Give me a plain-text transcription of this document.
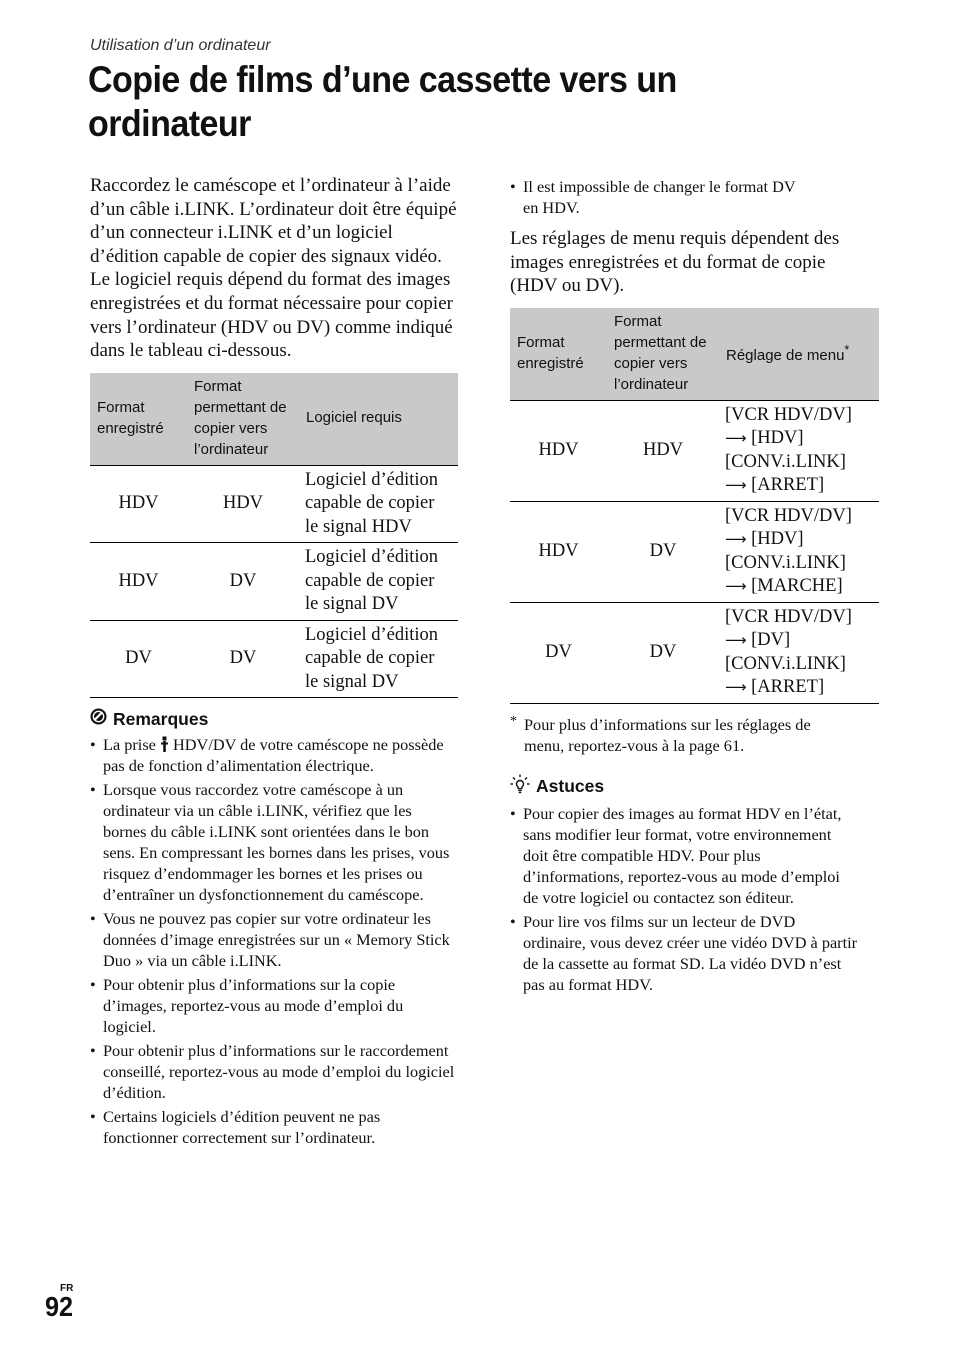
Utilisation d’un ordinateur
Copie de films d’une cassette vers un ordinateur

Raccordez le caméscope et l’ordinateur à l’aide d’un câble i.LINK. L’ordinateur doit être équipé d’un connecteur i.LINK et d’un logiciel d’édition capable de copier des signaux vidéo. Le logiciel requis dépend du format des images enregistrées et du format nécessaire pour copier vers l’ordinateur (HDV ou DV) comme indiqué dans le tableau ci-dessous.

Format enregistré	Format permettant de copier vers l’ordinateur	Logiciel requis
HDV	HDV	Logiciel d’édition capable de copier le signal HDV
HDV	DV	Logiciel d’édition capable de copier le signal DV
DV	DV	Logiciel d’édition capable de copier le signal DV
Remarques
• La prise HDV/DV de votre caméscope ne possède pas de fonction d’alimentation électrique.
• Lorsque vous raccordez votre caméscope à un ordinateur via un câble i.LINK, vérifiez que les bornes du câble i.LINK sont orientées dans le bon sens. En compressant les bornes dans les prises, vous risquez d’endommager les bornes et les prises ou d’entraîner un dysfonctionnement du caméscope.
• Vous ne pouvez pas copier sur votre ordinateur les données d’image enregistrées sur un « Memory Stick Duo » via un câble i.LINK.
• Pour obtenir plus d’informations sur la copie d’images, reportez-vous au mode d’emploi du logiciel.
• Pour obtenir plus d’informations sur le raccordement conseillé, reportez-vous au mode d’emploi du logiciel d’édition.
• Certains logiciels d’édition peuvent ne pas fonctionner correctement sur l’ordinateur.
• Il est impossible de changer le format DV en HDV.

Les réglages de menu requis dépendent des images enregistrées et du format de copie (HDV ou DV).

Format enregistré	Format permettant de copier vers l’ordinateur	Réglage de menu*
HDV	HDV	[VCR HDV/DV]
⟶ [HDV]
[CONV.i.LINK]
⟶ [ARRET]

HDV	DV	[VCR HDV/DV]
⟶ [HDV]
[CONV.i.LINK]
⟶ [MARCHE]

DV	DV	[VCR HDV/DV]
⟶ [DV]
[CONV.i.LINK]
⟶ [ARRET]
* Pour plus d’informations sur les réglages de menu, reportez-vous à la page 61.
Astuces
• Pour copier des images au format HDV en l’état, sans modifier leur format, votre environnement doit être compatible HDV. Pour plus d’informations, reportez-vous au mode d’emploi de votre logiciel ou contactez son éditeur.
• Pour lire vos films sur un lecteur de DVD ordinaire, vous devez créer une vidéo DVD à partir de la cassette au format SD. La vidéo DVD n’est pas au format HDV.
FR
92
